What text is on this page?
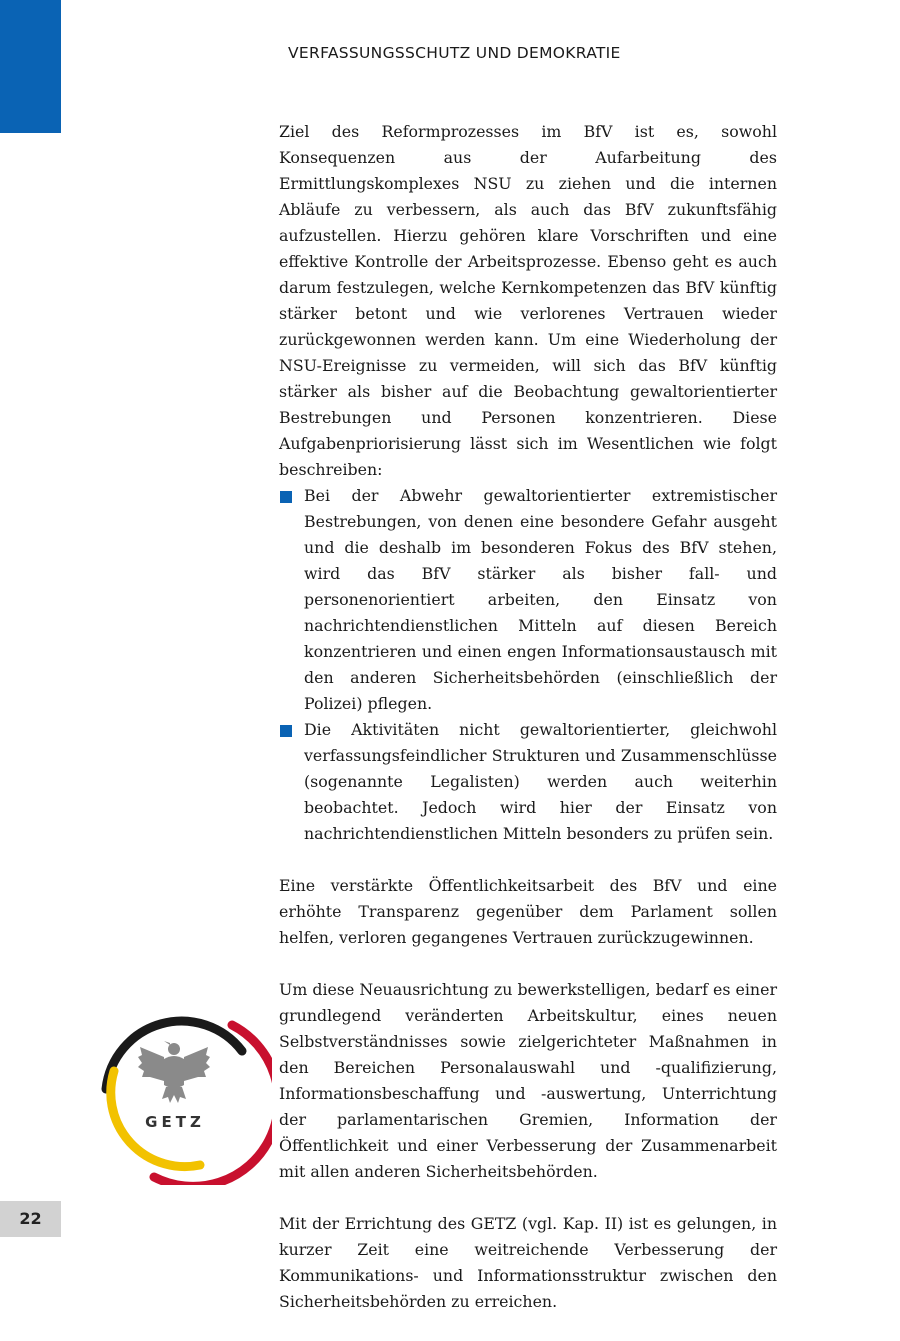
VERFASSUNGSSCHUTZ UND DEMOKRATIE

Ziel des Reformprozesses im BfV ist es, sowohl Konsequenzen aus der Aufarbeitung des Ermittlungskomplexes NSU zu ziehen und die internen Abläufe zu verbessern, als auch das BfV zukunftsfähig aufzustellen. Hierzu gehören klare Vorschriften und eine effektive Kontrolle der Arbeitsprozesse. Ebenso geht es auch darum festzulegen, welche Kernkompetenzen das BfV künftig stärker betont und wie verlorenes Vertrauen wieder zurückgewonnen werden kann. Um eine Wiederholung der NSU-Ereignisse zu vermeiden, will sich das BfV künftig stärker als bisher auf die Beobachtung gewaltorientierter Bestrebungen und Personen konzentrieren. Diese Aufgabenpriorisierung lässt sich im Wesentlichen wie folgt beschreiben:

Bei der Abwehr gewaltorientierter extremistischer Bestrebungen, von denen eine besondere Gefahr ausgeht und die deshalb im besonderen Fokus des BfV stehen, wird das BfV stärker als bisher fall- und personenorientiert arbeiten, den Einsatz von nachrichtendienstlichen Mitteln auf diesen Bereich konzentrieren und einen engen Informationsaustausch mit den anderen Sicherheitsbehörden (einschließlich der Polizei) pflegen.
Die Aktivitäten nicht gewaltorientierter, gleichwohl verfassungsfeindlicher Strukturen und Zusammenschlüsse (sogenannte Legalisten) werden auch weiterhin beobachtet. Jedoch wird hier der Einsatz von nachrichtendienstlichen Mitteln besonders zu prüfen sein.

Eine verstärkte Öffentlichkeitsarbeit des BfV und eine erhöhte Transparenz gegenüber dem Parlament sollen helfen, verloren gegangenes Vertrauen zurückzugewinnen.

Um diese Neuausrichtung zu bewerkstelligen, bedarf es einer grundlegend veränderten Arbeitskultur, eines neuen Selbstverständnisses sowie zielgerichteter Maßnahmen in den Bereichen Personalauswahl und -qualifizierung, Informationsbeschaffung und -auswertung, Unterrichtung der parlamentarischen Gremien, Information der Öffentlichkeit und einer Verbesserung der Zusammenarbeit mit allen anderen Sicherheitsbehörden.

Mit der Errichtung des GETZ (vgl. Kap. II) ist es gelungen, in kurzer Zeit eine weitreichende Verbesserung der Kommunikations- und Informationsstruktur zwischen den Sicherheitsbehörden zu erreichen.

GETZ
22
